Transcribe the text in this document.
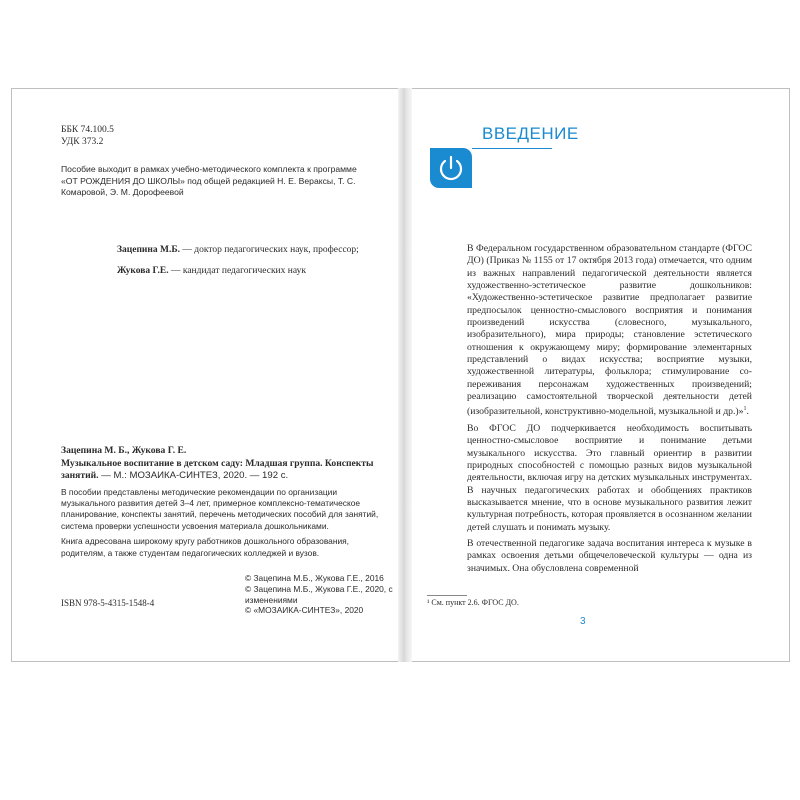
ББК 74.100.5
УДК 373.2
Пособие выходит в рамках учебно-методического комплекта к программе «ОТ РОЖДЕНИЯ ДО ШКОЛЫ» под общей редакцией Н. Е. Вераксы, Т. С. Комаровой, Э. М. Дорофеевой
Зацепина М.Б. — доктор педагогических наук, профессор;
Жукова Г.Е. — кандидат педагогических наук
Зацепина М. Б., Жукова Г. Е.
Музыкальное воспитание в детском саду: Младшая группа. Конспекты занятий. — М.: МОЗАИКА-СИНТЕЗ, 2020. — 192 с.
В пособии представлены методические рекомендации по организации музыкального развития детей 3–4 лет, примерное комплексно-тематическое планирование, конспекты занятий, перечень методических пособий для занятий, система проверки успешности усвоения материала дошкольниками.
Книга адресована широкому кругу работников дошкольного образования, родителям, а также студентам педагогических колледжей и вузов.
© Зацепина М.Б., Жукова Г.Е., 2016
© Зацепина М.Б., Жукова Г.Е., 2020, с изменениями
© «МОЗАИКА-СИНТЕЗ», 2020
ISBN 978-5-4315-1548-4
ВВЕДЕНИЕ

В Федеральном государственном образовательном стандарте (ФГОС ДО) (Приказ № 1155 от 17 октября 2013 года) отмечается, что одним из важных направлений педагогической деятельности является художественно-эстетическое развитие дошкольников: «Художественно-эстетическое развитие предполагает развитие предпосылок ценностно-смыслового восприятия и понимания произведений искусства (словесного, музыкального, изобразительного), мира природы; становление эстетического отношения к окружающему миру; формирование элементарных представлений о видах искусства; восприятие музыки, художественной литературы, фольклора; стимулирование со-переживания персонажам художественных произведений; реализацию самостоятельной творческой деятельности детей (изобразительной, конструктивно-модельной, музыкальной и др.)»$^1$.

Во ФГОС ДО подчеркивается необходимость воспитывать ценностно-смысловое восприятие и понимание детьми музыкального искусства. Это главный ориентир в развитии природных способностей с помощью разных видов музыкальной деятельности, включая игру на детских музыкальных инструментах. В научных педагогических работах и обобщениях практиков высказывается мнение, что в основе музыкального развития лежит культурная потребность, которая проявляется в осознанном желании детей слушать и понимать музыку.

В отечественной педагогике задача воспитания интереса к музыке в рамках освоения детьми общечеловеческой культуры — одна из значимых. Она обусловлена современной

¹ См. пункт 2.6. ФГОС ДО.
3
